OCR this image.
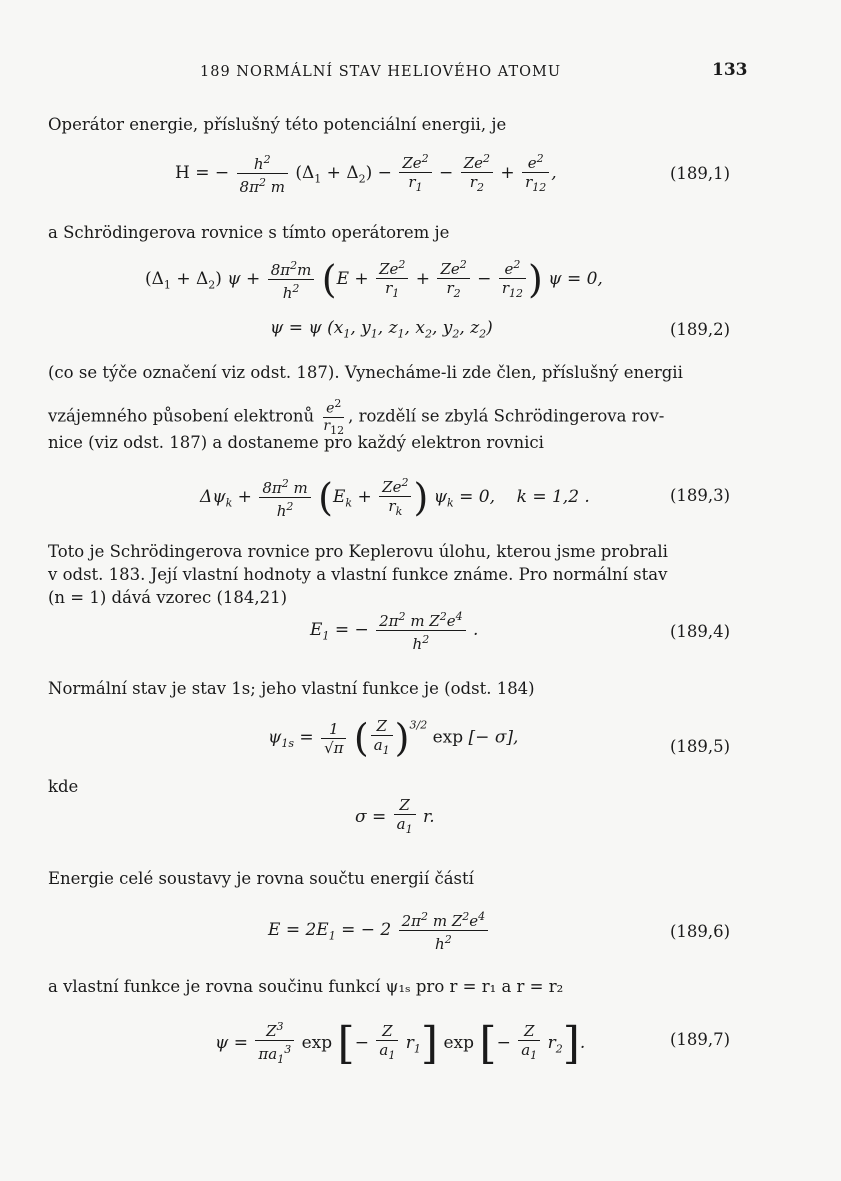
189 NORMÁLNÍ STAV HELIOVÉHO ATOMU	133
Operátor energie, příslušný této potenciální energii, je
H = − $\frac{h^2}{8\pi^2 m} (\Delta_1 + \Delta_2) - \frac{Ze^2}{r_1} - \frac{Ze^2}{r_2} + \frac{e^2}{r_{12}}$ ,	(189,1)
a Schrödingerova rovnice s tímto operátorem je
$(\Delta_1 + \Delta_2) \psi + \frac{8\pi^2m}{h^2} (E + \frac{Ze^2}{r_1} + \frac{Ze^2}{r_2} - \frac{e^2}{r_{12}}$ ) ψ = 0,
ψ = ψ ($x_1$, $y_1$, $z_1$, $x_2$, $y_2$, $z_2$)	(189,2)
(co se týče označení viz odst. 187). Vynecháme-li zde člen, příslušný energii
vzájemného působení elektronů $\frac{e^2}{r_{12}}$ , rozdělí se zbylá Schrödingerova rov-
nice (viz odst. 187) a dostaneme pro každý elektron rovnici
$\Delta\psi_k + \frac{8\pi^2 m}{h^2} (E_k + \frac{Ze^2}{r_k}$ ) $\psi_k = 0$,    k = 1,2 .	(189,3)
Toto je Schrödingerova rovnice pro Keplerovu úlohu, kterou jsme probrali
v odst. 183. Její vlastní hodnoty a vlastní funkce známe. Pro normální stav
(n = 1) dává vzorec (184,21)
$E_1$ = − $\frac{2\pi^2 m Z^2e^4}{h^2}$ .	(189,4)
Normální stav je stav 1s; jeho vlastní funkce je (odst. 184)
$\psi_{1s} = \frac{1}{√\pi}$ ( $\frac{Z}{a_1} )^{3/2}$ exp [− σ],	(189,5)
kde
$\sigma = \frac{Z}{a_1} r$.
Energie celé soustavy je rovna součtu energií částí
$E = 2E_1$ = − $2 \frac{2\pi^2 m Z^2e^4}{h^2}$	(189,6)
a vlastní funkce je rovna součinu funkcí ψ₁ₛ pro r = r₁ a r = r₂
$\psi = \frac{Z^3}{\pi a_1^3}$ exp [− $\frac{Z}{a_1} r_1$] exp [− $\frac{Z}{a_1} r_2$].	(189,7)
